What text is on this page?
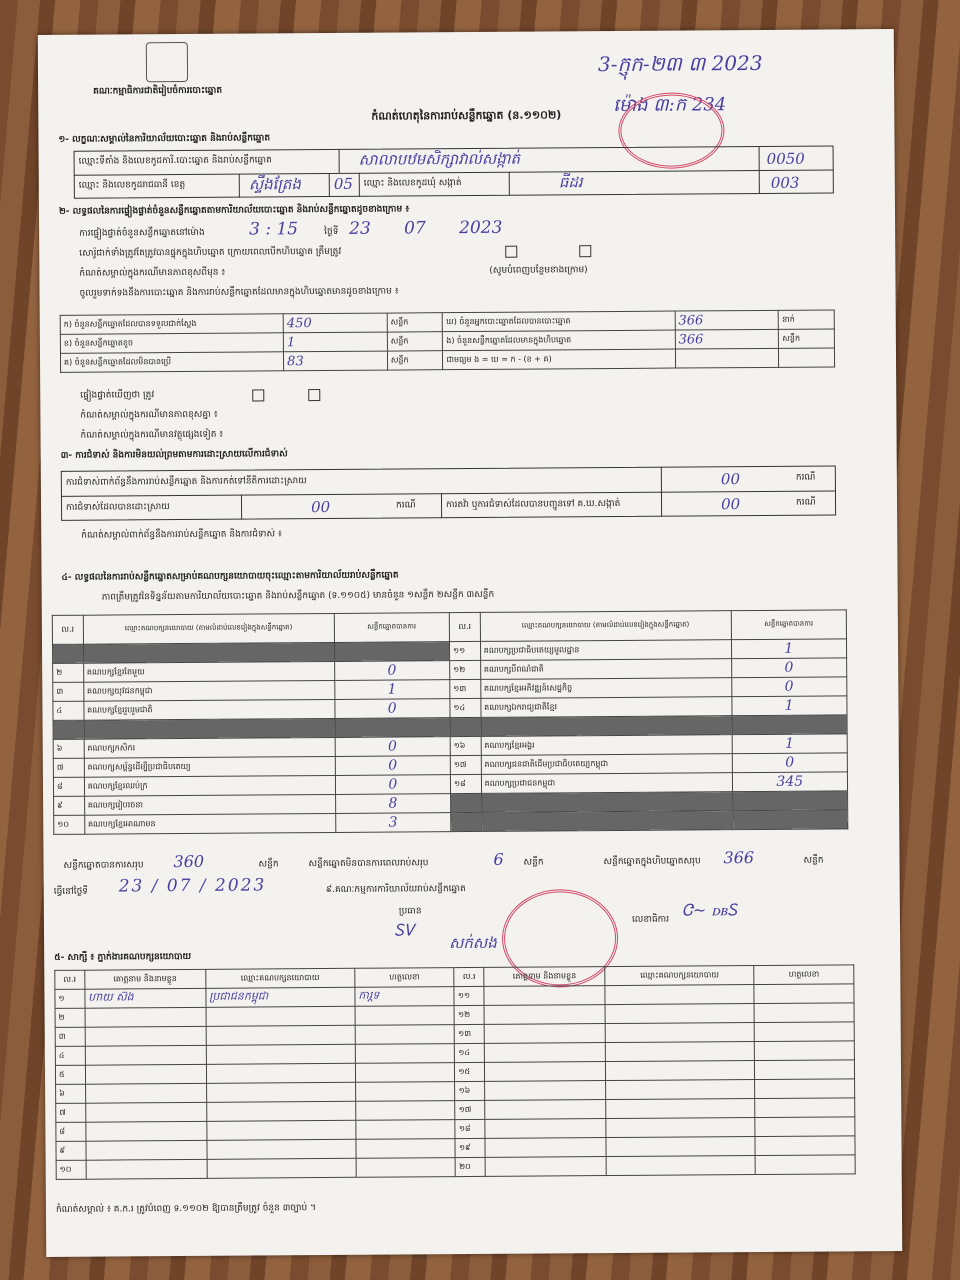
គណៈកម្មាធិការជាតិរៀបចំការបោះឆ្នោត
កំណត់ហេតុនៃការរាប់សន្លឹកឆ្នោត (ន.១១០២)
3-ក្ញុក-២៣ ៣ 2023
ម៉ោង ៣:ក 234
១- លក្ខណៈសម្គាល់នៃការិយាល័យបោះឆ្នោត និងរាប់សន្លឹកឆ្នោត
ឈ្មោះទីតាំង និងលេខកូដការិ.បោះឆ្នោត និងរាប់សន្លឹកឆ្នោត	សាលាបឋមសិក្សាវាល់សង្កាត់	0050
ឈ្មោះ និងលេខកូដរាជធានី ខេត្ត	ស្ទឹងត្រែង 05 ឈ្មោះ និងលេខកូដឃុំ សង្កាត់	ធីដរ	003
២- លទ្ធផលនៃការផ្ទៀងផ្ទាត់ចំនួនសន្លឹកឆ្នោតតាមការិយាល័យបោះឆ្នោត និងរាប់សន្លឹកឆ្នោតដូចខាងក្រោម ៖
ការផ្ទៀងផ្ទាត់ចំនួនសន្លឹកឆ្នោតនៅម៉ោង	3 : 15	ថ្ងៃទី 23 07 2023
សោរ៉ូជាក់ទាំងត្រូវតែត្រូវបានផ្ទុកក្នុងហិបឆ្នោត ក្រោយពេលបើកហិបឆ្នោត ត្រឹមត្រូវ
កំណត់សម្គាល់ក្នុងករណីមានភាពខុសពីមុន ៖	(សូមបំពេញបន្ថែមខាងក្រោម)
ចូលរួមទាក់ទងនឹងការបោះឆ្នោត និងការរាប់សន្លឹកឆ្នោតដែលមានក្នុងហិបឆ្នោតមានដូចខាងក្រោម ៖
ក) ចំនួនសន្លឹកឆ្នោតដែលបានទទួលជាក់ស្តែង	450	សន្លឹក	ឃ) ចំនួនអ្នកបោះឆ្នោតដែលបានបោះឆ្នោត	366	នាក់
ខ) ចំនួនសន្លឹកឆ្នោតខូច	1	សន្លឹក	ង) ចំនួនសន្លឹកឆ្នោតដែលមានក្នុងហិបឆ្នោត	366	សន្លឹក
គ) ចំនួនសន្លឹកឆ្នោតដែលមិនបានប្រើ	83	សន្លឹក	ជាមធ្យម ង = ឃ = ក - (ខ + គ)		
ផ្ទៀងផ្ទាត់ឃើញថា ត្រូវ
កំណត់សម្គាល់ក្នុងករណីមានភាពខុសគ្នា ៖
កំណត់សម្គាល់ក្នុងករណីមានវត្ថុផ្សេងទៀត ៖
៣- ការជំទាស់ និងការមិនយល់ព្រមតាមការដោះស្រាយលើការជំទាស់
ការជំទាស់ពាក់ព័ន្ធនឹងការរាប់សន្លឹកឆ្នោត និងការកត់ទៅនីតិការដោះស្រាយ	00	ករណី
ការជំទាស់ដែលបានដោះស្រាយ	00	ករណី	ការតវ៉ា ឬការជំទាស់ដែលបានបញ្ជូនទៅ គ.ឃ.សង្កាត់	00	ករណី
កំណត់សម្គាល់ពាក់ព័ន្ធនឹងការរាប់សន្លឹកឆ្នោត និងការជំទាស់ ៖
៤- លទ្ធផលនៃការរាប់សន្លឹកឆ្នោតសម្រាប់គណបក្សនយោបាយចុះឈ្មោះតាមការិយាល័យរាប់សន្លឹកឆ្នោត
ភាពត្រឹមត្រូវនៃទិន្នន័យតាមការិយាល័យបោះឆ្នោត និងរាប់សន្លឹកឆ្នោត (ទ.១១០៥) មានចំនួន ១សន្លឹក ២សន្លឹក ៣សន្លឹក
ល.រ	ឈ្មោះគណបក្សនយោបាយ (តាមលំដាប់លេខរៀងក្នុងសន្លឹកឆ្នោត)	សន្លឹកឆ្នោតបានការ	ល.រ	ឈ្មោះគណបក្សនយោបាយ (តាមលំដាប់លេខរៀងក្នុងសន្លឹកឆ្នោត)	សន្លឹកឆ្នោតបានការ
			១១	គណបក្សប្រជាធិបតេយ្យមូលដ្ឋាន	1
២	គណបក្សខ្មែរតែមួយ	0	១២	គណបក្សបីពណ៌ជាតិ	0
៣	គណបក្សយុវជនកម្ពុជា	1	១៣	គណបក្សខ្មែរអភិវឌ្ឍន៍សេដ្ឋកិច្ច	0
៤	គណបក្សខ្មែររួបរួមជាតិ	0	១៤	គណបក្សឯករាជ្យជាតិខ្មែរ	1

៦	គណបក្សកសិករ	0	១៦	គណបក្សខ្មែរអង្គរ	1
៧	គណបក្សសម្ព័ន្ធដើម្បីប្រជាធិបតេយ្យ	0	១៧	គណបក្សជនជាតិដើមប្រជាធិបតេយ្យកម្ពុជា	0
៨	គណបក្សខ្មែរឈប់ក្រ	0	១៨	គណបក្សប្រជាជនកម្ពុជា	345
៩	គណបក្សរៀបរចនា	8			
១០	គណបក្សខ្មែរអាណាមន	3			
សន្លឹកឆ្នោតបានការសរុប 360	សន្លឹក	សន្លឹកឆ្នោតមិនបានការពេលរាប់សរុប	6 សន្លឹក	សន្លឹកឆ្នោតក្នុងហិបឆ្នោតសរុប 366	សន្លឹក
ធ្វើនៅថ្ងៃទី 23 / 07 / 2023	៩.គណៈកម្មការការិយាល័យរាប់សន្លឹកឆ្នោត
ប្រធាន
ᏚᏙ
សក់សង
លេខាធិការ
Ꮳ~ ꭰᏼᏚ
៥- សាក្សី ៖ ភ្នាក់ងារគណបក្សនយោបាយ
ល.រ	គោត្តនាម និងនាមខ្លួន	ឈ្មោះគណបក្សនយោបាយ	ហត្ថលេខា	ល.រ	គោត្តនាម និងនាមខ្លួន	ឈ្មោះគណបក្សនយោបាយ	ហត្ថលេខា
១	ហាយ ស៊ង	ប្រជាជនកម្ពុជា	ការ្តទ	១១			
២				១២			
៣				១៣			
៤				១៤			
៥				១៥			
៦				១៦			
៧				១៧			
៨				១៨			
៩				១៩			
១០				២០			
កំណត់សម្គាល់ ៖ គ.ក.រ ត្រូវបំពេញ ទ.១១០២ ឱ្យបានត្រឹមត្រូវ ចំនួន ៣ច្បាប់ ។
